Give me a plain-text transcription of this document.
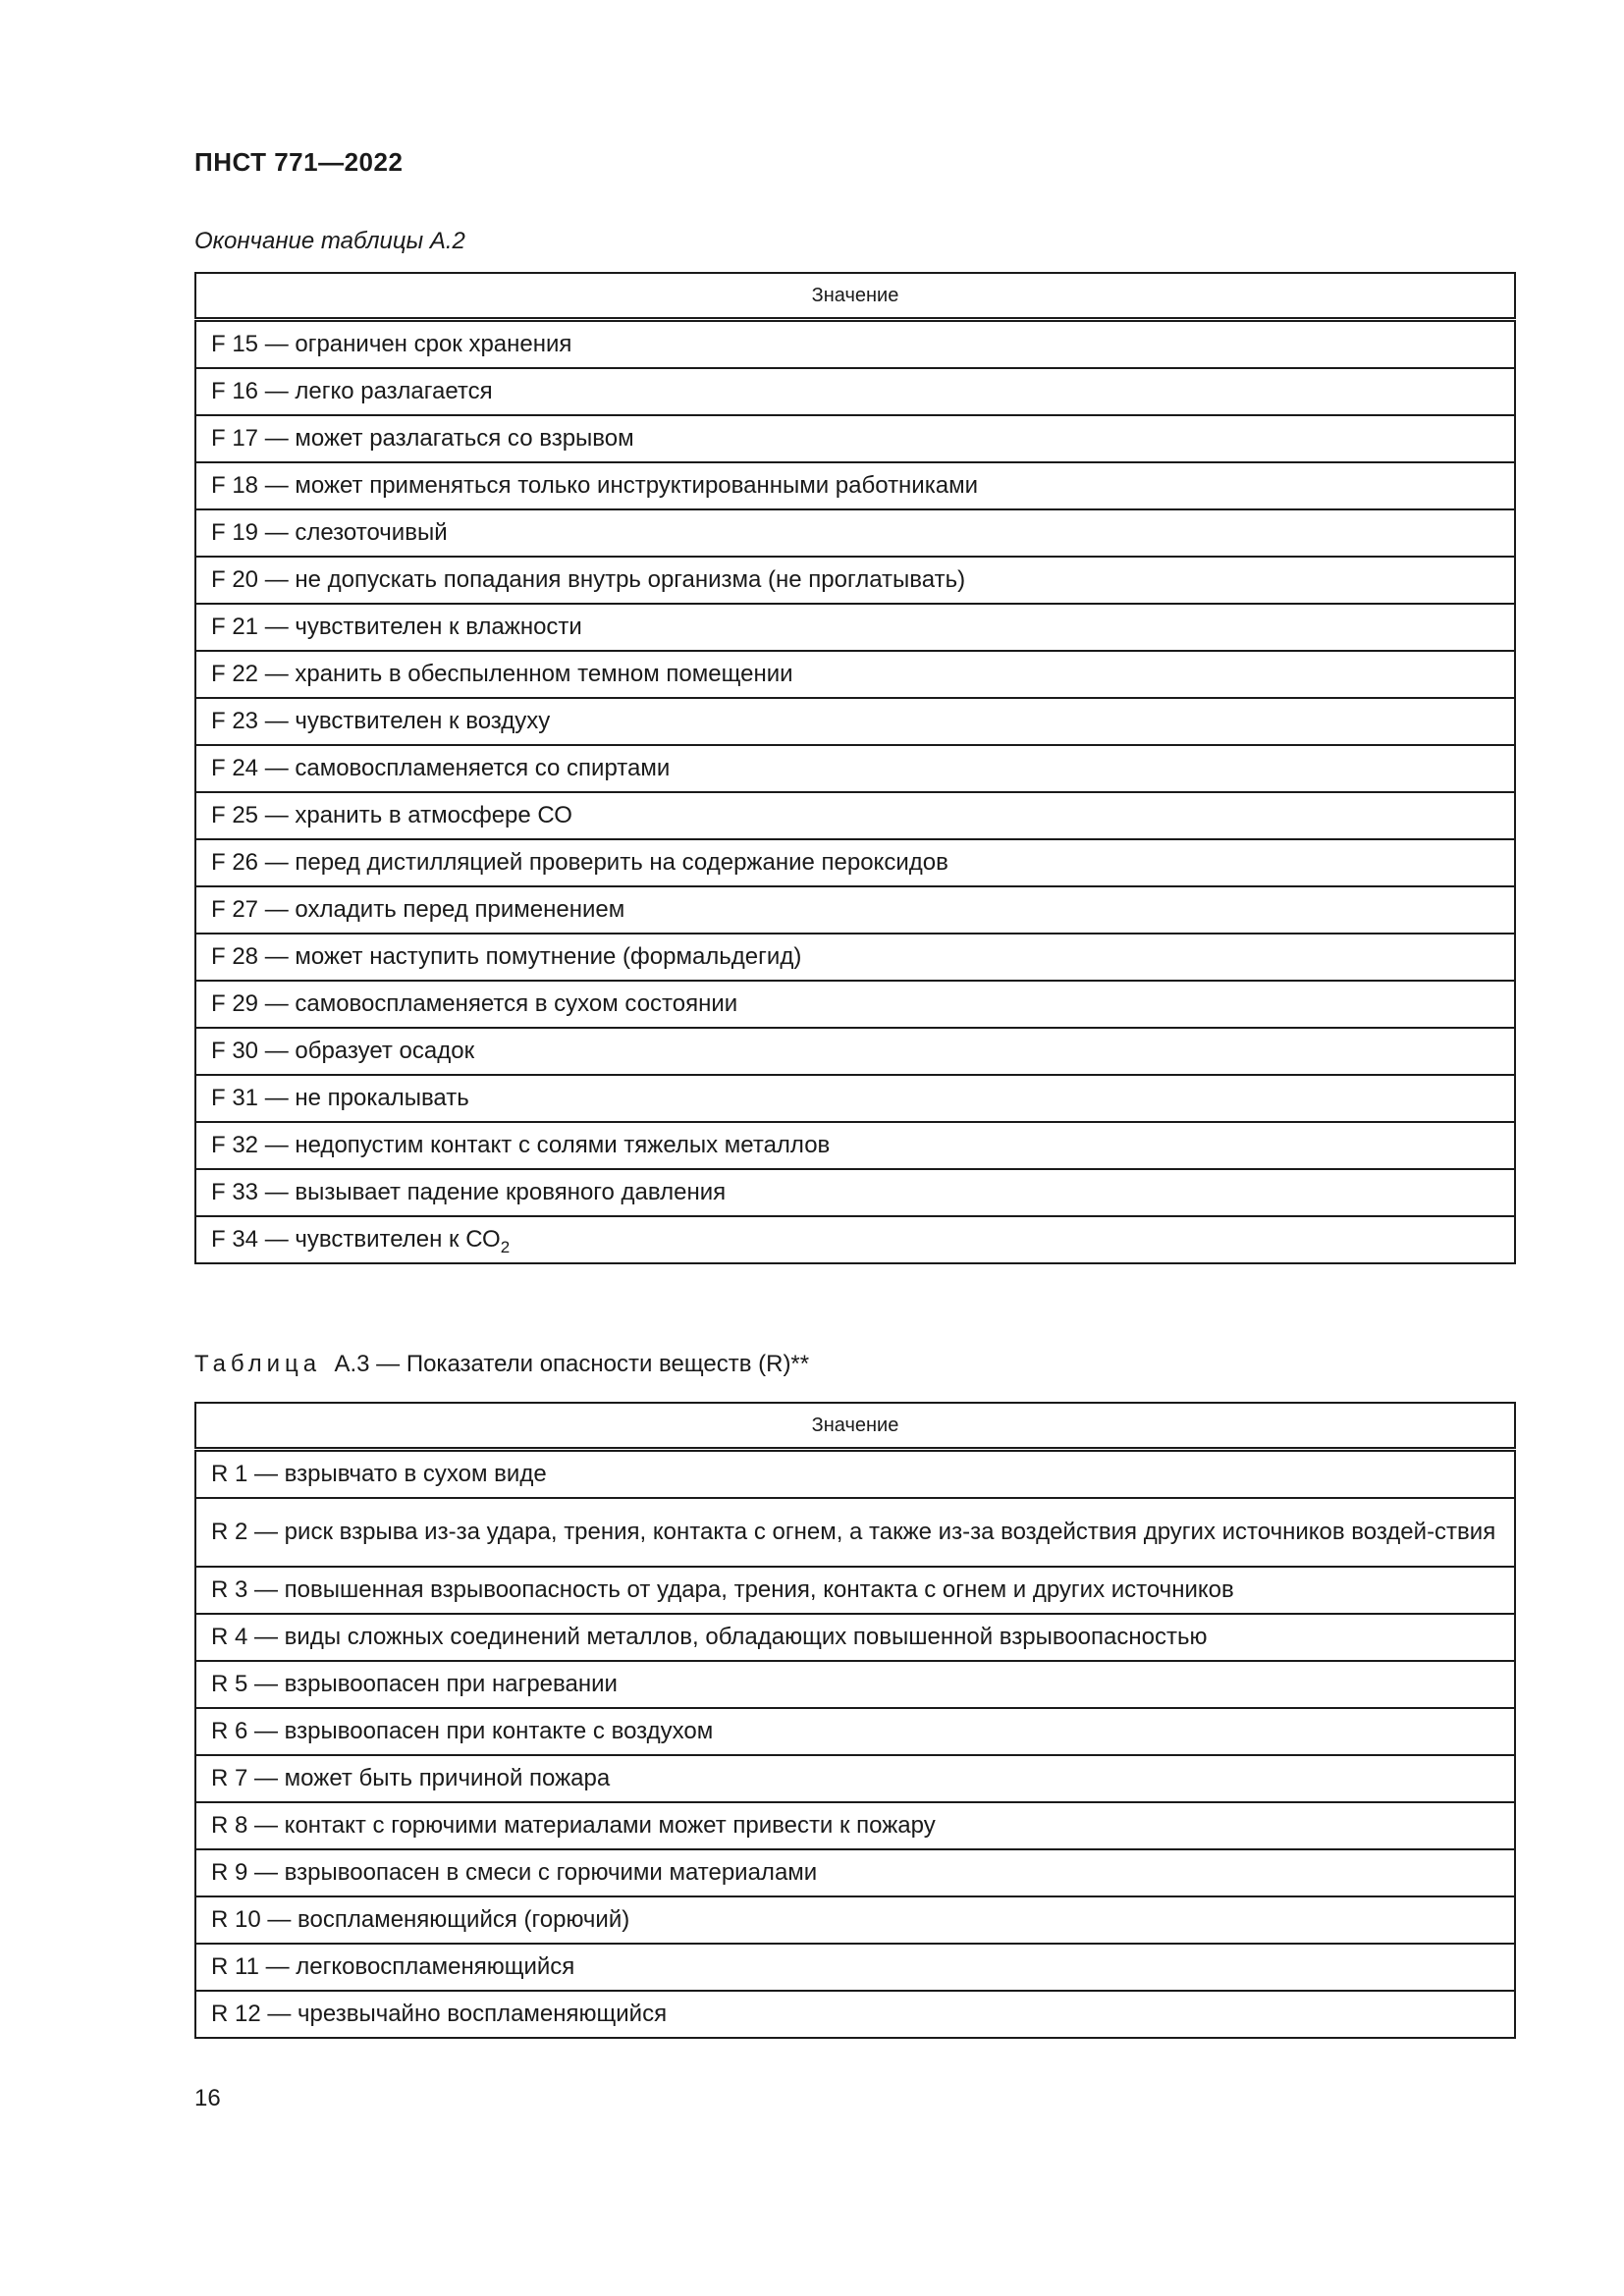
ПНСТ 771—2022
Окончание таблицы А.2
Значение
F 15 — ограничен срок хранения
F 16 — легко разлагается
F 17 — может разлагаться со взрывом
F 18 — может применяться только инструктированными работниками
F 19 — слезоточивый
F 20 — не допускать попадания внутрь организма (не проглатывать)
F 21 — чувствителен к влажности
F 22 — хранить в обеспыленном темном помещении
F 23 — чувствителен к воздуху
F 24 — самовоспламеняется со спиртами
F 25 — хранить в атмосфере СО
F 26 — перед дистилляцией проверить на содержание пероксидов
F 27 — охладить перед применением
F 28 — может наступить помутнение (формальдегид)
F 29 — самовоспламеняется в сухом состоянии
F 30 — образует осадок
F 31 — не прокалывать
F 32 — недопустим контакт с солями тяжелых металлов
F 33 — вызывает падение кровяного давления
F 34 — чувствителен к $СО_2$
Таблица А.3 — Показатели опасности веществ (R)**
Значение
R 1 — взрывчато в сухом виде
R 2 — риск взрыва из-за удара, трения, контакта с огнем, а также из-за воздействия других источников воздей-ствия
R 3 — повышенная взрывоопасность от удара, трения, контакта с огнем и других источников
R 4 — виды сложных соединений металлов, обладающих повышенной взрывоопасностью
R 5 — взрывоопасен при нагревании
R 6 — взрывоопасен при контакте с воздухом
R 7 — может быть причиной пожара
R 8 — контакт с горючими материалами может привести к пожару
R 9 — взрывоопасен в смеси с горючими материалами
R 10 — воспламеняющийся (горючий)
R 11 — легковоспламеняющийся
R 12 — чрезвычайно воспламеняющийся
16
